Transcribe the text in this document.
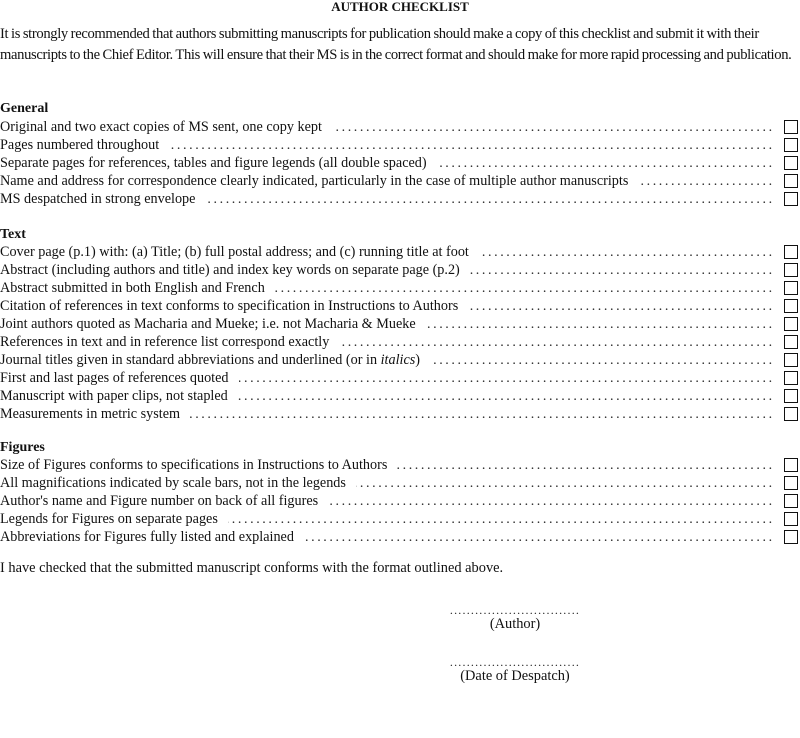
AUTHOR CHECKLIST
It is strongly recommended that authors submitting manuscripts for publication should make a copy of this checklist and submit it with their manuscripts to the Chief Editor. This will ensure that their MS is in the correct format and should make for more rapid processing and publication.
General
.....
Original and two exact copies of MS sent, one copy kept
.....
Pages numbered throughout
.....
Separate pages for references, tables and figure legends (all double spaced)
.....
Name and address for correspondence clearly indicated, particularly in the case of multiple author manuscripts
.....
MS despatched in strong envelope
Text
.....
Cover page (p.1) with: (a) Title; (b) full postal address; and (c) running title at foot
.....
Abstract (including authors and title) and index key words on separate page (p.2)
.....
Abstract submitted in both English and French
.....
Citation of references in text conforms to specification in Instructions to Authors
.....
Joint authors quoted as Macharia and Mueke; i.e. not Macharia & Mueke
.....
References in text and in reference list correspond exactly
.....
Journal titles given in standard abbreviations and underlined (or in italics)
.....
First and last pages of references quoted
.....
Manuscript with paper clips, not stapled
.....
Measurements in metric system
Figures
.....
Size of Figures conforms to specifications in Instructions to Authors
.....
All magnifications indicated by scale bars, not in the legends
.....
Author's name and Figure number on back of all figures
.....
Legends for Figures on separate pages
.....
Abbreviations for Figures fully listed and explained
I have checked that the submitted manuscript conforms with the format outlined above.
.....
(Author)
.....
(Date of Despatch)
